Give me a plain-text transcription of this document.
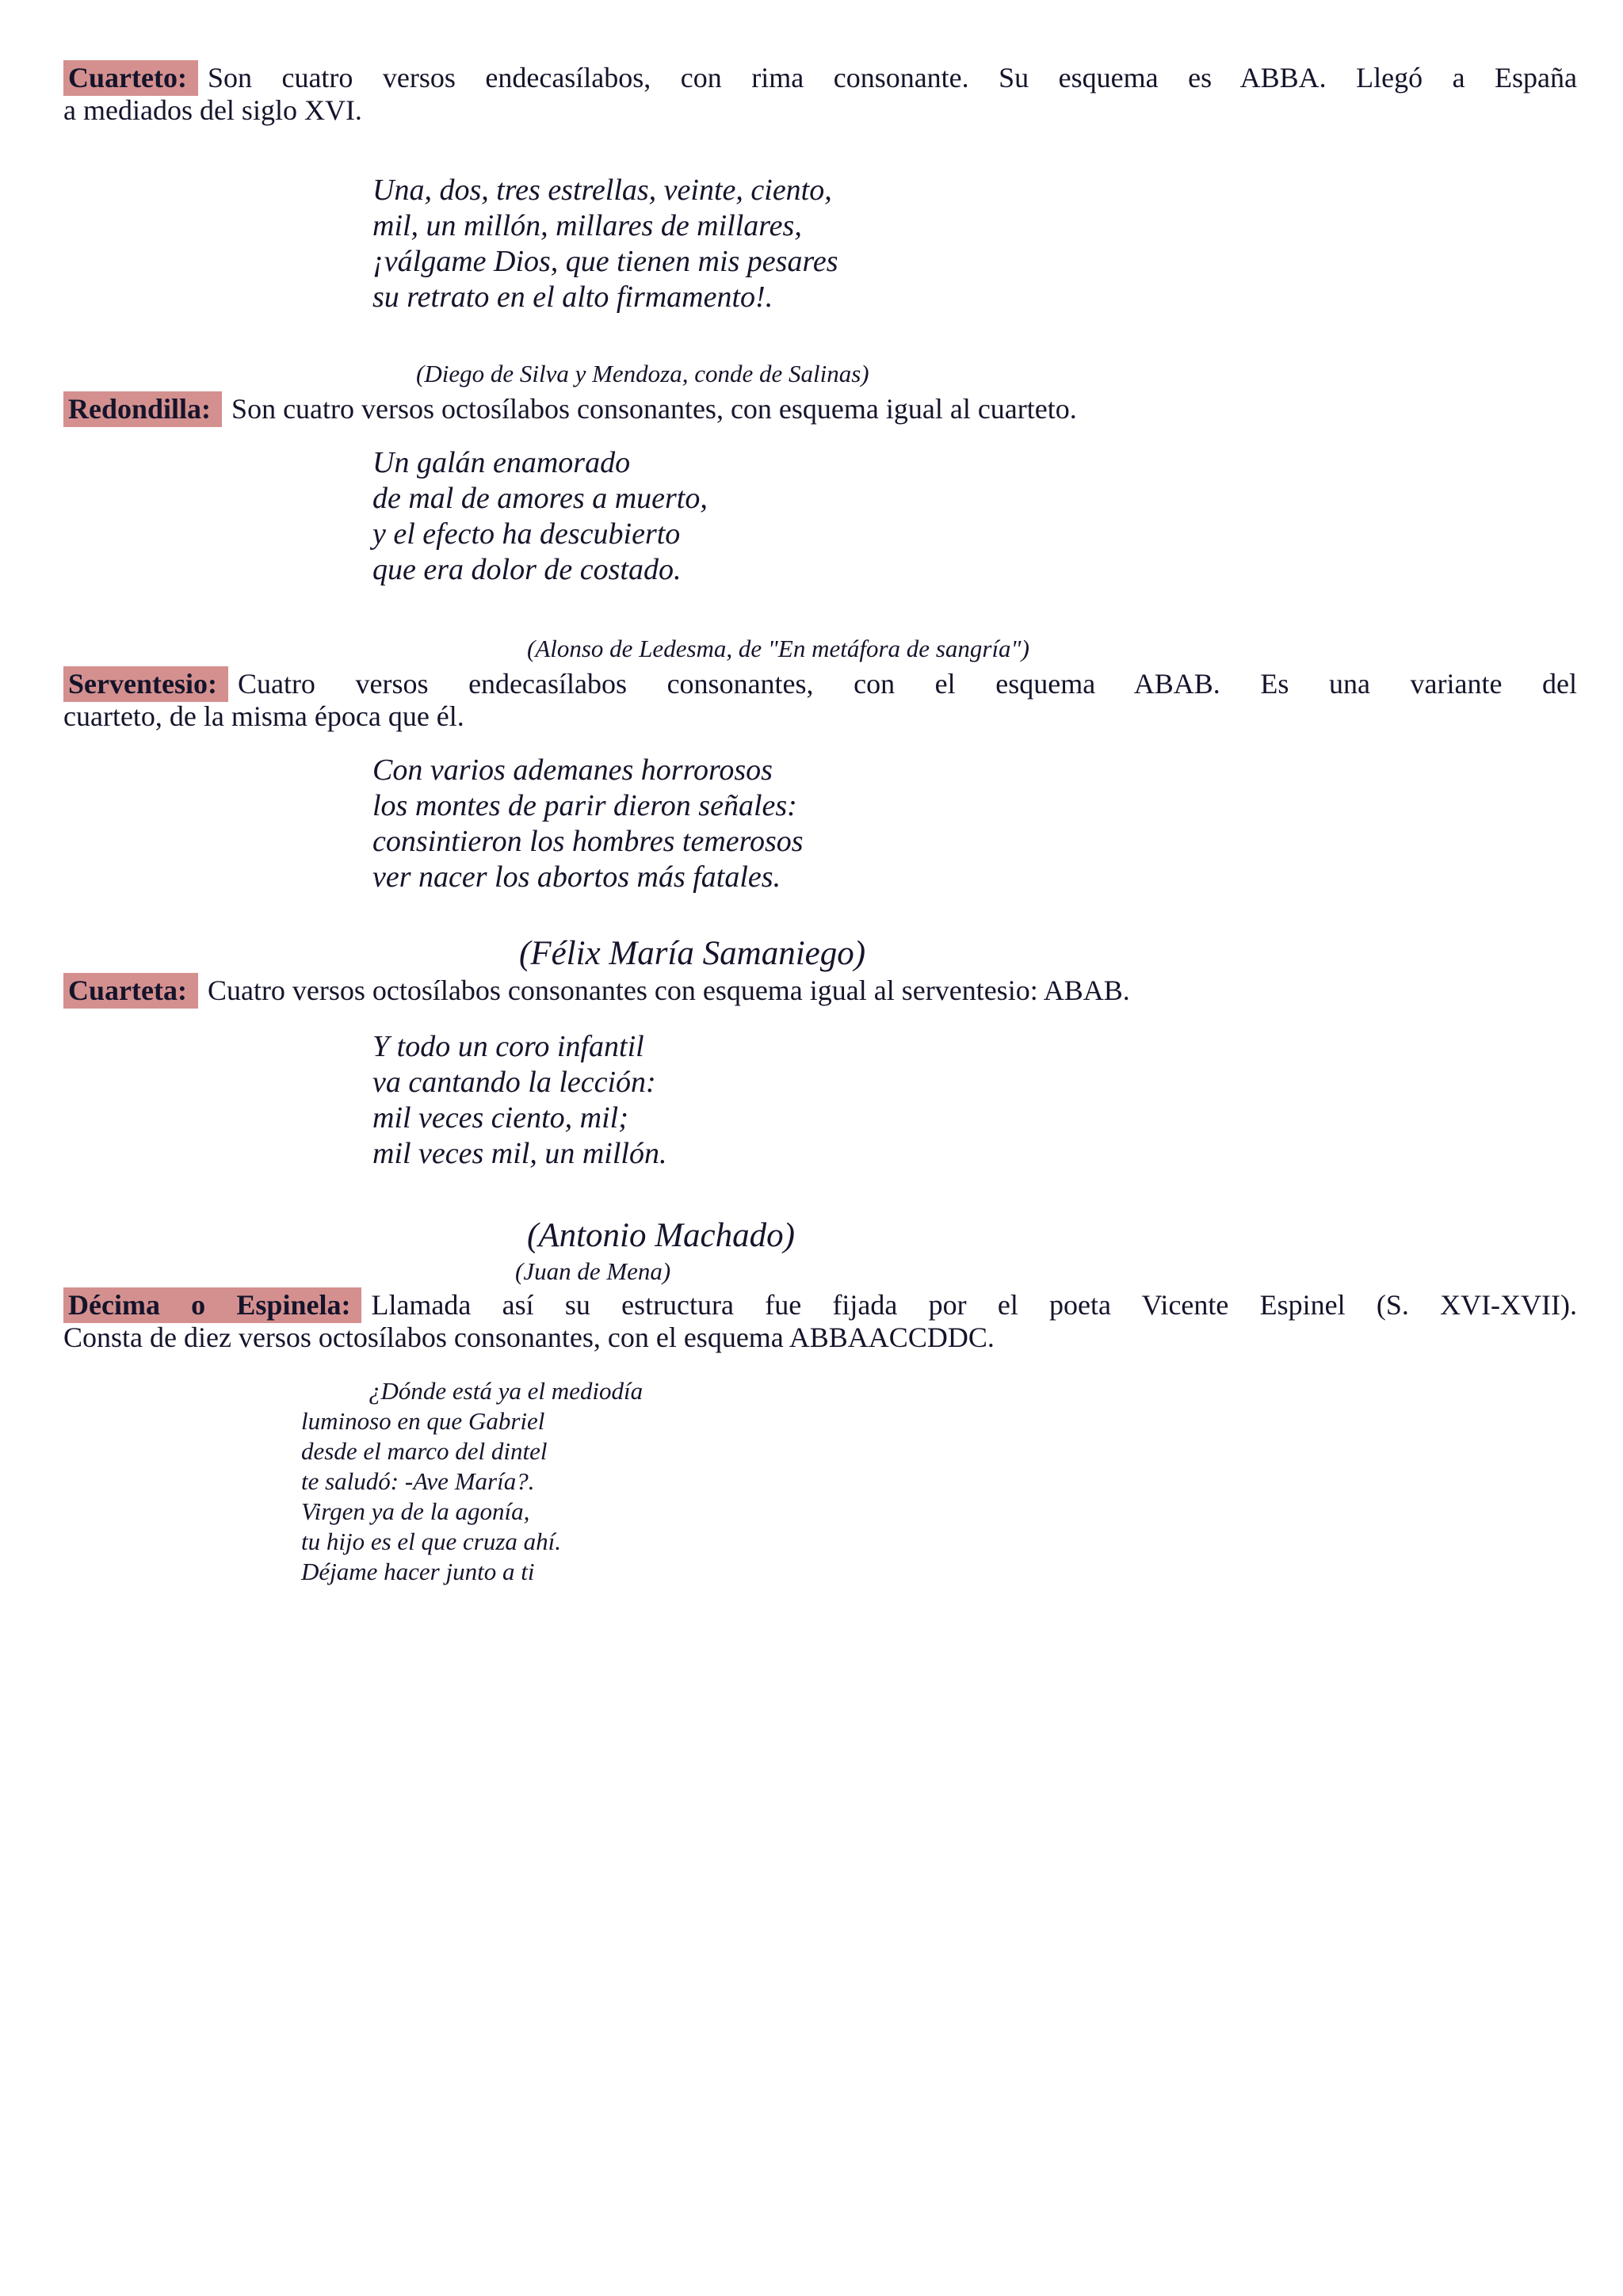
Cuarteto: Son cuatro versos endecasílabos, con rima consonante. Su esquema es ABBA. Llegó a España

a mediados del siglo XVI.

Una, dos, tres estrellas, veinte, ciento,
mil, un millón, millares de millares,
¡válgame Dios, que tienen mis pesares
su retrato en el alto firmamento!.
(Diego de Silva y Mendoza, conde de Salinas)

Redondilla: Son cuatro versos octosílabos consonantes, con esquema igual al cuarteto.

Un galán enamorado
de mal de amores a muerto,
y el efecto ha descubierto
que era dolor de costado.
(Alonso de Ledesma, de "En metáfora de sangría")

Serventesio: Cuatro versos endecasílabos consonantes, con el esquema ABAB. Es una variante del

cuarteto, de la misma época que él.

Con varios ademanes horrorosos
los montes de parir dieron señales:
consintieron los hombres temerosos
ver nacer los abortos más fatales.
(Félix María Samaniego)

Cuarteta: Cuatro versos octosílabos consonantes con esquema igual al serventesio: ABAB.

Y todo un coro infantil
va cantando la lección:
mil veces ciento, mil;
mil veces mil, un millón.
(Antonio Machado)
(Juan de Mena)

Décima o Espinela: Llamada así su estructura fue fijada por el poeta Vicente Espinel (S. XVI-XVII).

Consta de diez versos octosílabos consonantes, con el esquema ABBAACCDDC.

¿Dónde está ya el mediodía
luminoso en que Gabriel
desde el marco del dintel
te saludó: -Ave María?.
Virgen ya de la agonía,
tu hijo es el que cruza ahí.
Déjame hacer junto a ti
